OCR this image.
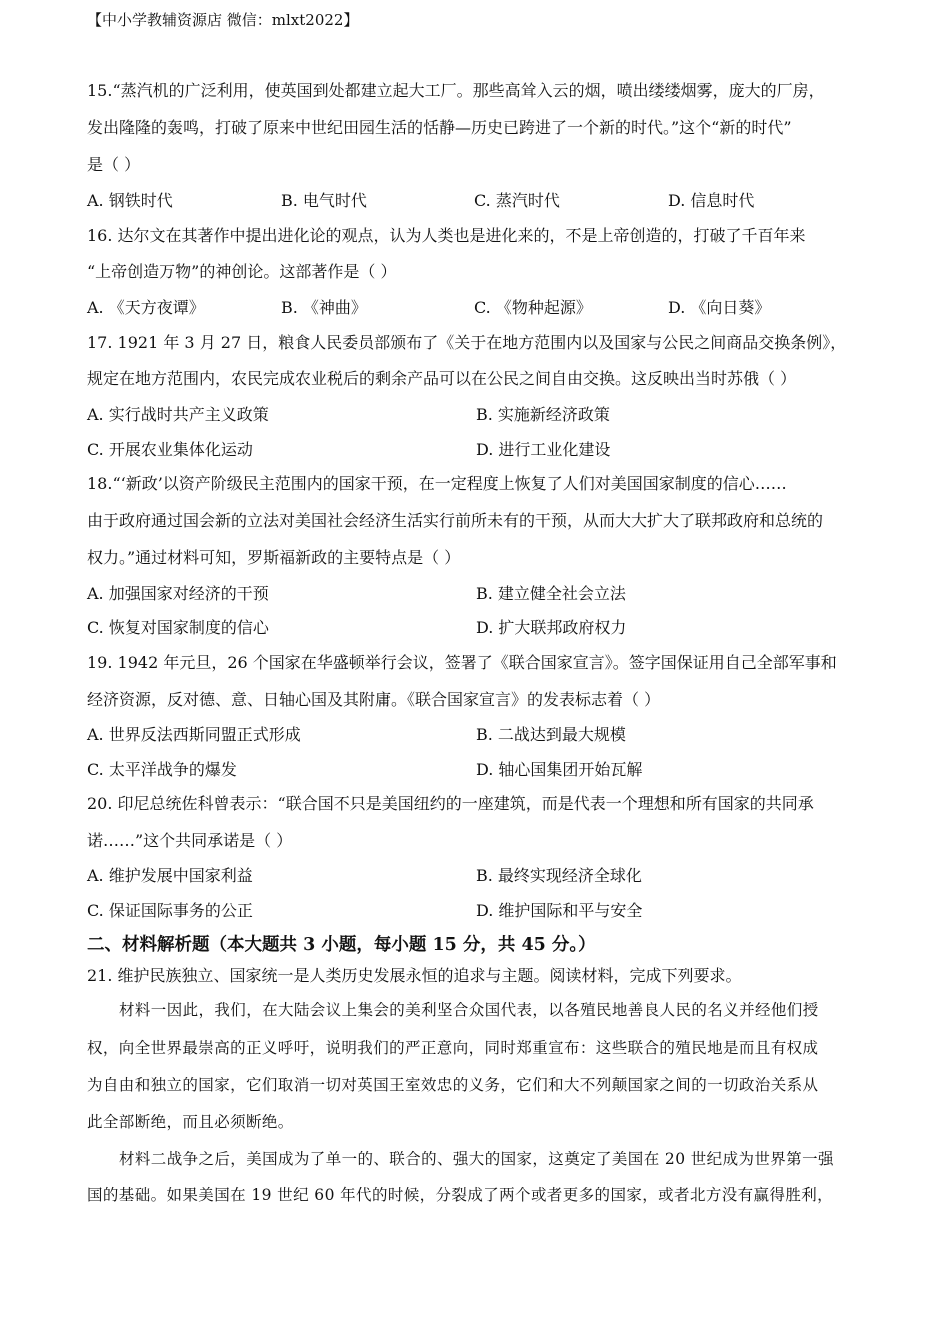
【中小学教辅资源店 微信：mlxt2022】
15.“蒸汽机的广泛利用，使英国到处都建立起大工厂。那些高耸入云的烟，喷出缕缕烟雾，庞大的厂房，
发出隆隆的轰鸣，打破了原来中世纪田园生活的恬静—历史已跨进了一个新的时代。”这个“新的时代”
是（ ）
A. 钢铁时代	B. 电气时代	C. 蒸汽时代	D. 信息时代
16. 达尔文在其著作中提出进化论的观点，认为人类也是进化来的，不是上帝创造的，打破了千百年来
“上帝创造万物”的神创论。这部著作是（ ）
A. 《天方夜谭》	B. 《神曲》	C. 《物种起源》	D. 《向日葵》
17. 1921 年 3 月 27 日，粮食人民委员部颁布了《关于在地方范围内以及国家与公民之间商品交换条例》，
规定在地方范围内，农民完成农业税后的剩余产品可以在公民之间自由交换。这反映出当时苏俄（ ）
A. 实行战时共产主义政策	B. 实施新经济政策
C. 开展农业集体化运动	D. 进行工业化建设
18.“‘新政’以资产阶级民主范围内的国家干预，在一定程度上恢复了人们对美国国家制度的信心……
由于政府通过国会新的立法对美国社会经济生活实行前所未有的干预，从而大大扩大了联邦政府和总统的
权力。”通过材料可知，罗斯福新政的主要特点是（ ）
A. 加强国家对经济的干预	B. 建立健全社会立法
C. 恢复对国家制度的信心	D. 扩大联邦政府权力
19. 1942 年元旦，26 个国家在华盛顿举行会议，签署了《联合国家宣言》。签字国保证用自己全部军事和
经济资源，反对德、意、日轴心国及其附庸。《联合国家宣言》的发表标志着（ ）
A. 世界反法西斯同盟正式形成	B. 二战达到最大规模
C. 太平洋战争的爆发	D. 轴心国集团开始瓦解
20. 印尼总统佐科曾表示：“联合国不只是美国纽约的一座建筑，而是代表一个理想和所有国家的共同承
诺……”这个共同承诺是（ ）
A. 维护发展中国家利益	B. 最终实现经济全球化
C. 保证国际事务的公正	D. 维护国际和平与安全
二、材料解析题（本大题共 3 小题，每小题 15 分，共 45 分。）
21. 维护民族独立、国家统一是人类历史发展永恒的追求与主题。阅读材料，完成下列要求。
材料一因此，我们，在大陆会议上集会的美利坚合众国代表，以各殖民地善良人民的名义并经他们授
权，向全世界最崇高的正义呼吁，说明我们的严正意向，同时郑重宣布：这些联合的殖民地是而且有权成
为自由和独立的国家，它们取消一切对英国王室效忠的义务，它们和大不列颠国家之间的一切政治关系从
此全部断绝，而且必须断绝。
材料二战争之后，美国成为了单一的、联合的、强大的国家，这奠定了美国在 20 世纪成为世界第一强
国的基础。如果美国在 19 世纪 60 年代的时候，分裂成了两个或者更多的国家，或者北方没有赢得胜利，
